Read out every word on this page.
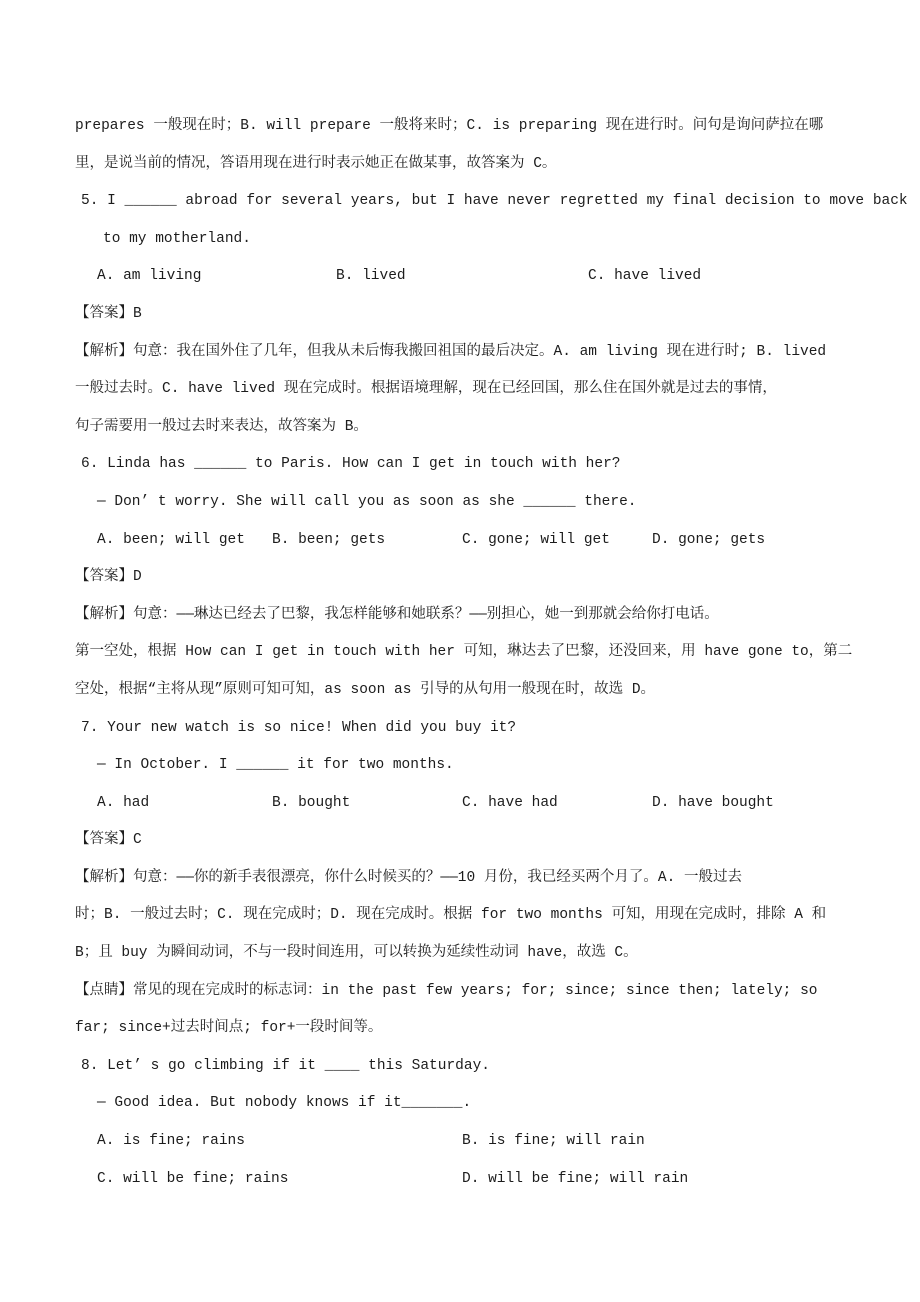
prepares 一般现在时；B. will prepare 一般将来时；C. is preparing 现在进行时。问句是询问萨拉在哪
里，是说当前的情况，答语用现在进行时表示她正在做某事，故答案为 C。
5. I ______ abroad for several years, but I have never regretted my final decision to move back
to my motherland.
A. am living	B. lived	C. have lived
【答案】B
【解析】句意：我在国外住了几年，但我从未后悔我搬回祖国的最后决定。A. am living 现在进行时; B. lived
一般过去时。C. have lived 现在完成时。根据语境理解，现在已经回国，那么住在国外就是过去的事情，
句子需要用一般过去时来表达，故答案为 B。
6. Linda has ______ to Paris. How can I get in touch with her?
— Don’ t worry. She will call you as soon as she ______ there.
A. been; will get	B. been; gets	C. gone; will get	D. gone; gets
【答案】D
【解析】句意：——琳达已经去了巴黎，我怎样能够和她联系？——别担心，她一到那就会给你打电话。
第一空处，根据 How can I get in touch with her 可知，琳达去了巴黎，还没回来，用 have gone to，第二
空处，根据“主将从现”原则可知可知，as soon as 引导的从句用一般现在时，故选 D。
7. Your new watch is so nice! When did you buy it?
— In October. I ______ it for two months.
A. had	B. bought	C. have had	D. have bought
【答案】C
【解析】句意：——你的新手表很漂亮，你什么时候买的？——10 月份，我已经买两个月了。A. 一般过去
时；B. 一般过去时；C. 现在完成时；D. 现在完成时。根据 for two months 可知，用现在完成时，排除 A 和
B；且 buy 为瞬间动词，不与一段时间连用，可以转换为延续性动词 have，故选 C。
【点睛】常见的现在完成时的标志词：in the past few years; for; since; since then; lately; so
far; since+过去时间点; for+一段时间等。
8. Let’ s go climbing if it ____ this Saturday.
— Good idea. But nobody knows if it_______.
A. is fine; rains	B. is fine; will rain
C. will be fine; rains	D. will be fine; will rain
